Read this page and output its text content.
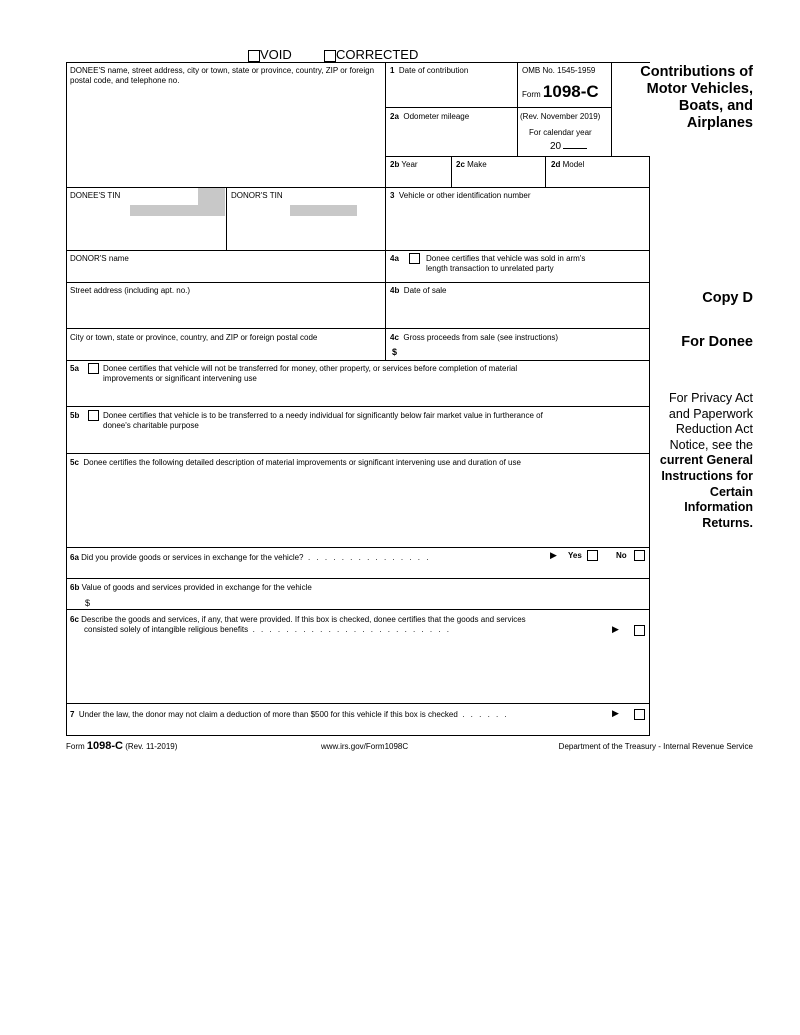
VOID	CORRECTED
DONEE'S name, street address, city or town, state or province, country, ZIP or foreign postal code, and telephone no.
1 Date of contribution	OMB No. 1545-1959
Form 1098-C
(Rev. November 2019)
For calendar year
20
Contributions of
Motor Vehicles,
Boats, and
Airplanes
2a Odometer mileage
2b Year	2c Make	2d Model
DONEE'S TIN	DONOR'S TIN	3 Vehicle or other identification number
DONOR'S name	4a	Donee certifies that vehicle was sold in arm's
length transaction to unrelated party
Street address (including apt. no.)	4b Date of sale
City or town, state or province, country, and ZIP or foreign postal code	4c Gross proceeds from sale (see instructions)
$
5a	Donee certifies that vehicle will not be transferred for money, other property, or services before completion of material
improvements or significant intervening use
5b	Donee certifies that vehicle is to be transferred to a needy individual for significantly below fair market value in furtherance of
donee's charitable purpose
5c Donee certifies the following detailed description of material improvements or significant intervening use and duration of use
6a Did you provide goods or services in exchange for the vehicle? . . . . . . . . . . . . . . .	▶ Yes	No
6b Value of goods and services provided in exchange for the vehicle
$
6c Describe the goods and services, if any, that were provided. If this box is checked, donee certifies that the goods and services
consisted solely of intangible religious benefits . . . . . . . . . . . . . . . . . . . . . . . .	▶
7 Under the law, the donor may not claim a deduction of more than $500 for this vehicle if this box is checked . . . . . .	▶
Copy D
For Donee
For Privacy Act
and Paperwork
Reduction Act
Notice, see the
current General
Instructions for
Certain
Information
Returns.
Form 1098-C (Rev. 11-2019)	www.irs.gov/Form1098C	Department of the Treasury - Internal Revenue Service
